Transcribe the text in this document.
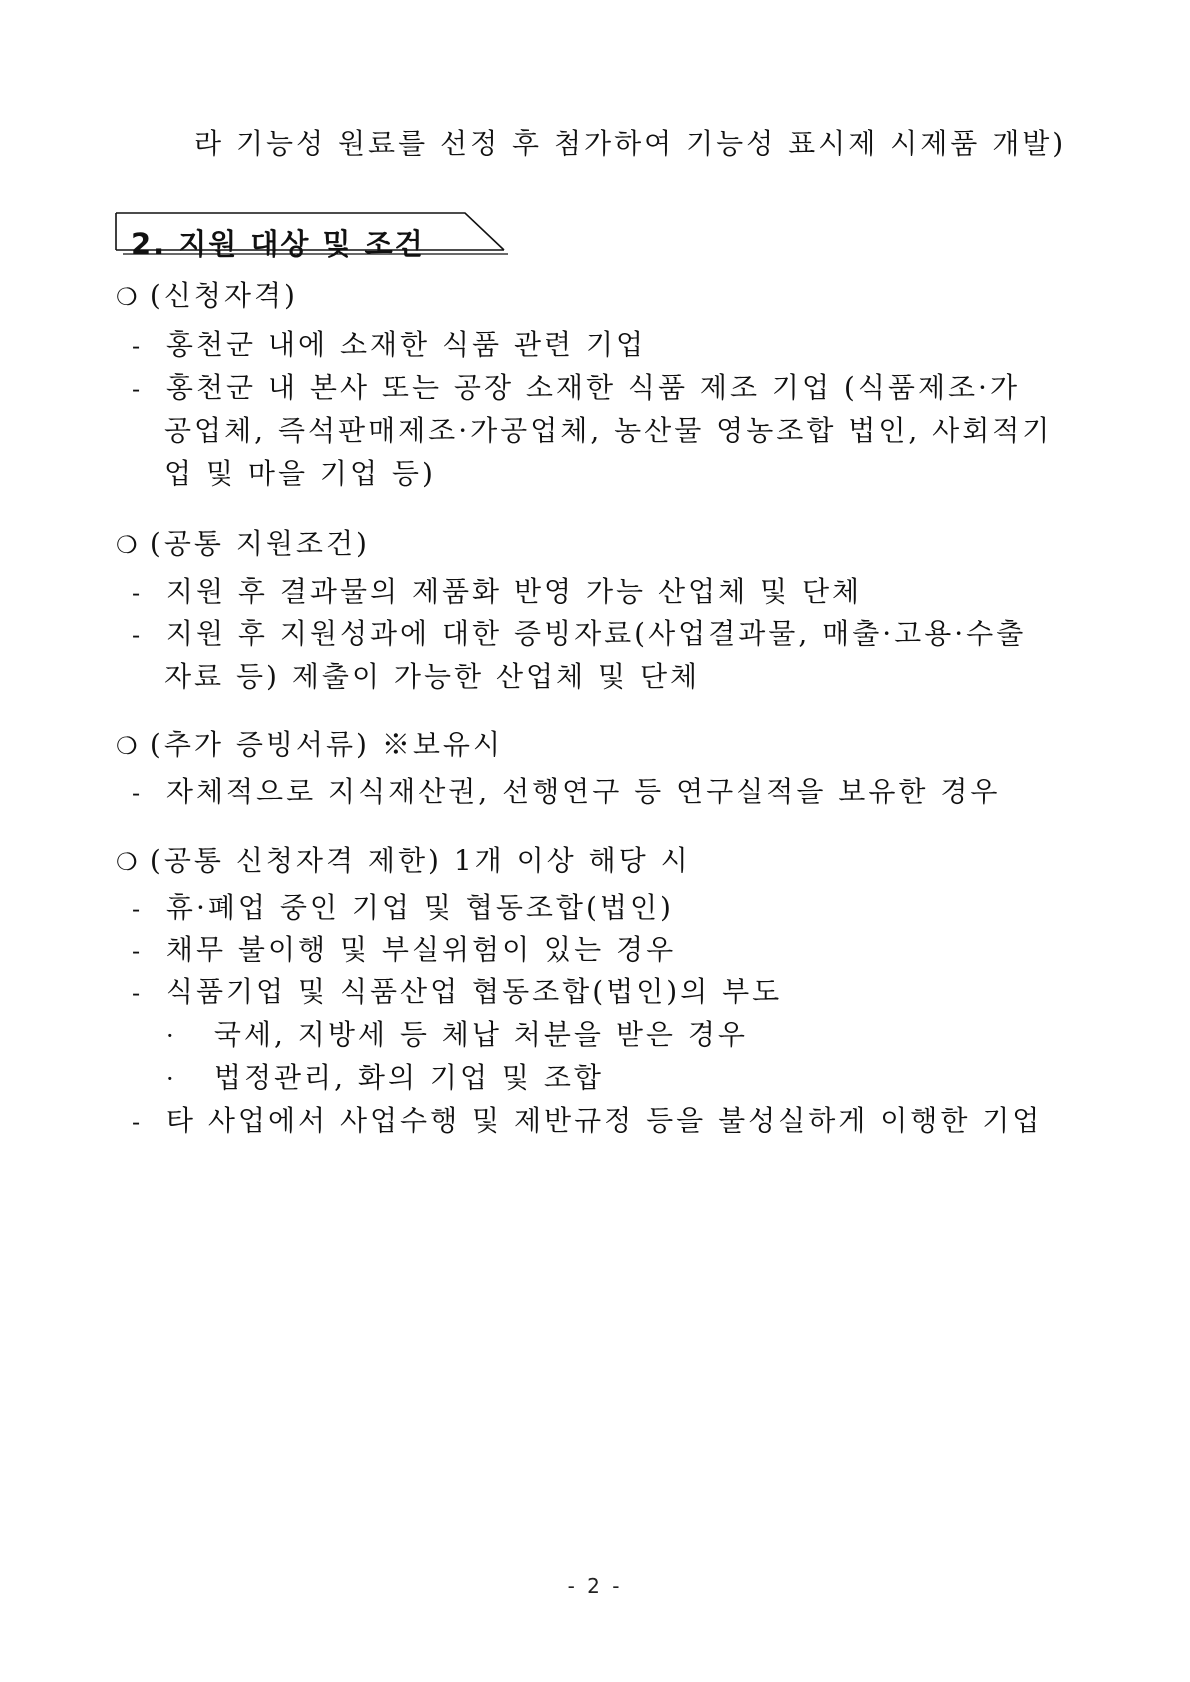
라 기능성 원료를 선정 후 첨가하여 기능성 표시제 시제품 개발)
2. 지원 대상 및 조건
❍ (신청자격)
- 홍천군 내에 소재한 식품 관련 기업
- 홍천군 내 본사 또는 공장 소재한 식품 제조 기업 (식품제조·가
공업체, 즉석판매제조·가공업체, 농산물 영농조합 법인, 사회적기
업 및 마을 기업 등)
❍ (공통 지원조건)
- 지원 후 결과물의 제품화 반영 가능 산업체 및 단체
- 지원 후 지원성과에 대한 증빙자료(사업결과물, 매출·고용·수출
자료 등) 제출이 가능한 산업체 및 단체
❍ (추가 증빙서류) ※보유시
- 자체적으로 지식재산권, 선행연구 등 연구실적을 보유한 경우
❍ (공통 신청자격 제한) 1개 이상 해당 시
- 휴·폐업 중인 기업 및 협동조합(법인)
- 채무 불이행 및 부실위험이 있는 경우
- 식품기업 및 식품산업 협동조합(법인)의 부도
· 국세, 지방세 등 체납 처분을 받은 경우
· 법정관리, 화의 기업 및 조합
- 타 사업에서 사업수행 및 제반규정 등을 불성실하게 이행한 기업
- 2 -
